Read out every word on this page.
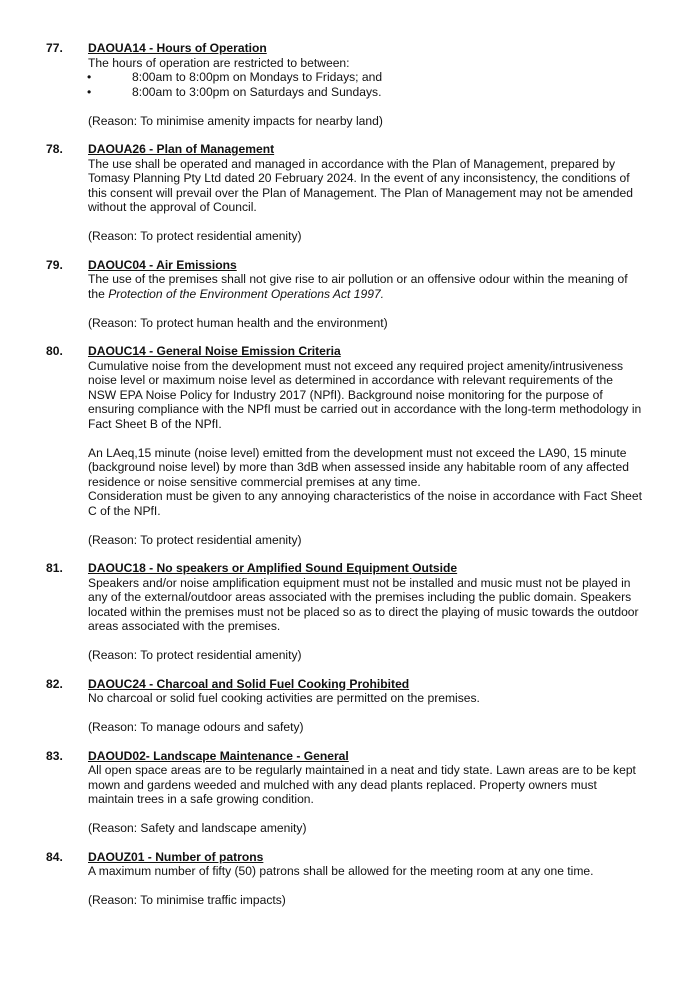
77. DAOUA14 - Hours of Operation

The hours of operation are restricted to between:

•	8:00am to 8:00pm on Mondays to Fridays; and
•	8:00am to 3:00pm on Saturdays and Sundays.
(Reason: To minimise amenity impacts for nearby land)
78. DAOUA26 - Plan of Management

The use shall be operated and managed in accordance with the Plan of Management, prepared by Tomasy Planning Pty Ltd dated 20 February 2024. In the event of any inconsistency, the conditions of this consent will prevail over the Plan of Management. The Plan of Management may not be amended without the approval of Council.

(Reason: To protect residential amenity)
79. DAOUC04 - Air Emissions

The use of the premises shall not give rise to air pollution or an offensive odour within the meaning of the Protection of the Environment Operations Act 1997.

(Reason: To protect human health and the environment)
80. DAOUC14 - General Noise Emission Criteria

Cumulative noise from the development must not exceed any required project amenity/intrusiveness noise level or maximum noise level as determined in accordance with relevant requirements of the NSW EPA Noise Policy for Industry 2017 (NPfI). Background noise monitoring for the purpose of ensuring compliance with the NPfI must be carried out in accordance with the long-term methodology in Fact Sheet B of the NPfI.

An LAeq,15 minute (noise level) emitted from the development must not exceed the LA90, 15 minute (background noise level) by more than 3dB when assessed inside any habitable room of any affected residence or noise sensitive commercial premises at any time.

Consideration must be given to any annoying characteristics of the noise in accordance with Fact Sheet C of the NPfI.

(Reason: To protect residential amenity)
81. DAOUC18 - No speakers or Amplified Sound Equipment Outside

Speakers and/or noise amplification equipment must not be installed and music must not be played in any of the external/outdoor areas associated with the premises including the public domain. Speakers located within the premises must not be placed so as to direct the playing of music towards the outdoor areas associated with the premises.

(Reason: To protect residential amenity)
82. DAOUC24 - Charcoal and Solid Fuel Cooking Prohibited

No charcoal or solid fuel cooking activities are permitted on the premises.

(Reason: To manage odours and safety)
83. DAOUD02- Landscape Maintenance - General

All open space areas are to be regularly maintained in a neat and tidy state. Lawn areas are to be kept mown and gardens weeded and mulched with any dead plants replaced. Property owners must maintain trees in a safe growing condition.

(Reason: Safety and landscape amenity)
84. DAOUZ01 - Number of patrons

A maximum number of fifty (50) patrons shall be allowed for the meeting room at any one time.

(Reason: To minimise traffic impacts)
